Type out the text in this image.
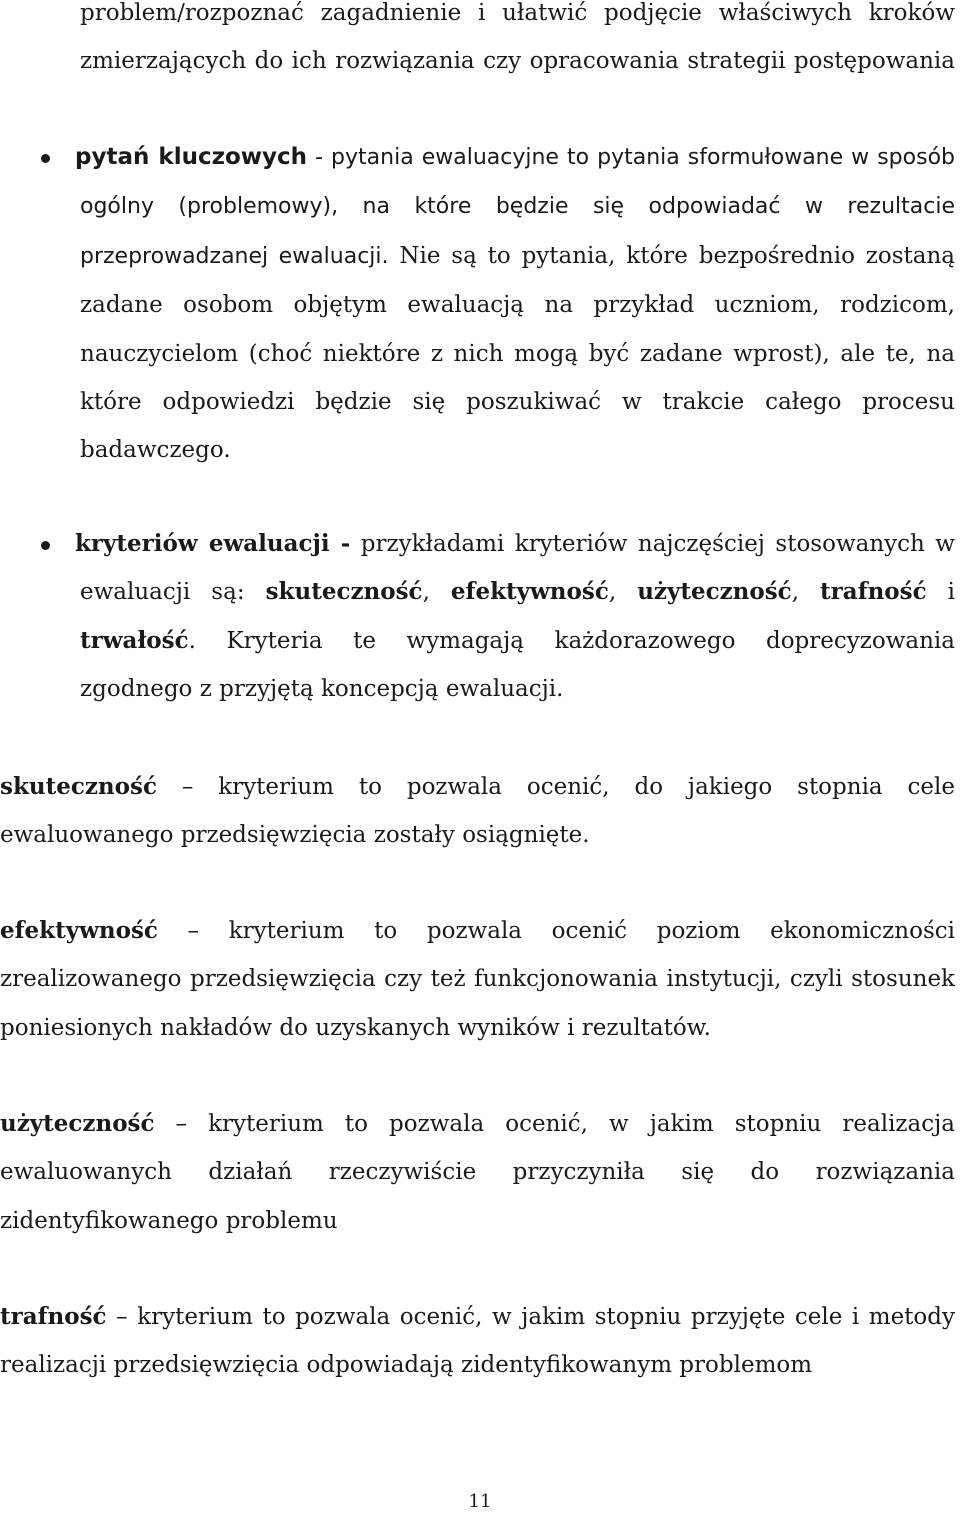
problem/rozpoznać zagadnienie i ułatwić podjęcie właściwych kroków
zmierzających do ich rozwiązania czy opracowania strategii postępowania

pytań kluczowych - pytania ewaluacyjne to pytania sformułowane w sposób ogólny (problemowy), na które będzie się odpowiadać w rezultacie przeprowadzanej ewaluacji. Nie są to pytania, które bezpośrednio zostaną zadane osobom objętym ewaluacją na przykład uczniom, rodzicom, nauczycielom (choć niektóre z nich mogą być zadane wprost), ale te, na które odpowiedzi będzie się poszukiwać w trakcie całego procesu badawczego.

kryteriów ewaluacji - przykładami kryteriów najczęściej stosowanych w ewaluacji są: skuteczność, efektywność, użyteczność, trafność i trwałość. Kryteria te wymagają każdorazowego doprecyzowania zgodnego z przyjętą koncepcją ewaluacji.

skuteczność – kryterium to pozwala ocenić, do jakiego stopnia cele ewaluowanego przedsięwzięcia zostały osiągnięte.

efektywność – kryterium to pozwala ocenić poziom ekonomiczności zrealizowanego przedsięwzięcia czy też funkcjonowania instytucji, czyli stosunek poniesionych nakładów do uzyskanych wyników i rezultatów.

użyteczność – kryterium to pozwala ocenić, w jakim stopniu realizacja ewaluowanych działań rzeczywiście przyczyniła się do rozwiązania zidentyfikowanego problemu

trafność – kryterium to pozwala ocenić, w jakim stopniu przyjęte cele i metody realizacji przedsięwzięcia odpowiadają zidentyfikowanym problemom

11
